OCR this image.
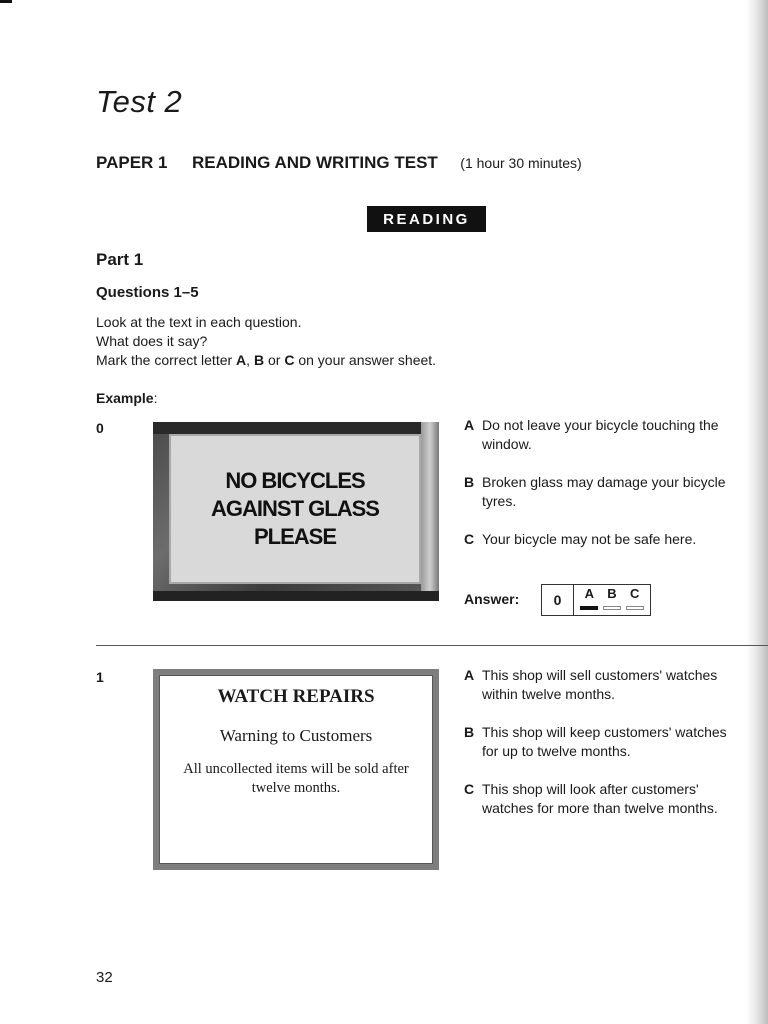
Test 2
PAPER 1 READING AND WRITING TEST (1 hour 30 minutes)
READING
Part 1
Questions 1–5
Look at the text in each question.
What does it say?
Mark the correct letter A, B or C on your answer sheet.
Example:
0
NO BICYCLES
AGAINST GLASS
PLEASE
A Do not leave your bicycle touching the window.
B Broken glass may damage your bicycle tyres.
C Your bicycle may not be safe here.
Answer:	0	A B C
1
WATCH REPAIRS
Warning to Customers
All uncollected items will be sold after twelve months.
A This shop will sell customers' watches within twelve months.
B This shop will keep customers' watches for up to twelve months.
C This shop will look after customers' watches for more than twelve months.
32
